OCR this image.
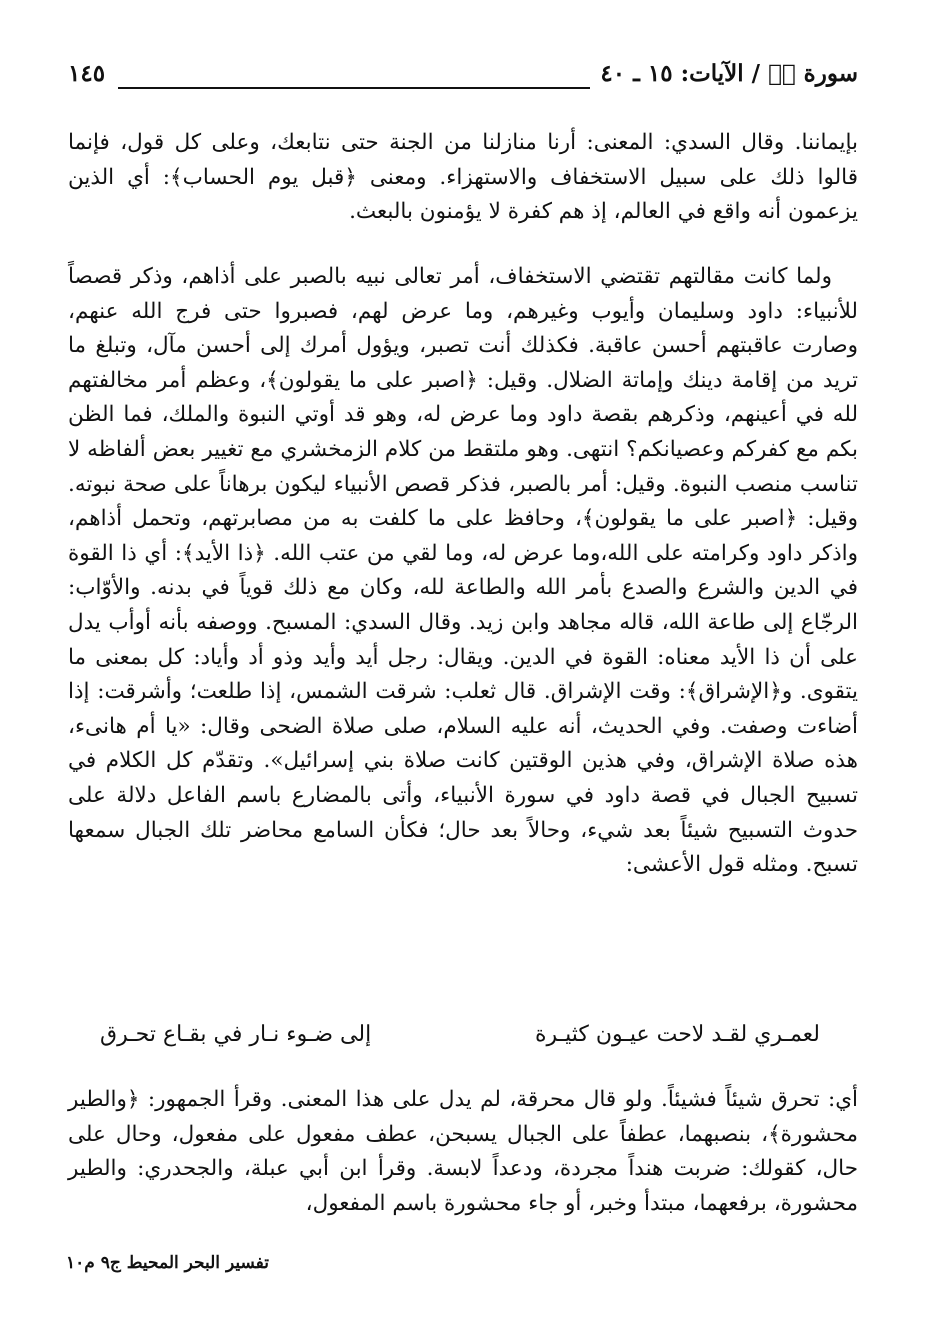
سورة صۤ / الآيات: ١٥ ـ ٤٠
١٤٥

بإيماننا. وقال السدي: المعنى: أرنا منازلنا من الجنة حتى نتابعك، وعلى كل قول، فإنما قالوا ذلك على سبيل الاستخفاف والاستهزاء. ومعنى ﴿قبل يوم الحساب﴾: أي الذين يزعمون أنه واقع في العالم، إذ هم كفرة لا يؤمنون بالبعث.

ولما كانت مقالتهم تقتضي الاستخفاف، أمر تعالى نبيه بالصبر على أذاهم، وذكر قصصاً للأنبياء: داود وسليمان وأيوب وغيرهم، وما عرض لهم، فصبروا حتى فرج الله عنهم، وصارت عاقبتهم أحسن عاقبة. فكذلك أنت تصبر، ويؤول أمرك إلى أحسن مآل، وتبلغ ما تريد من إقامة دينك وإماتة الضلال. وقيل: ﴿اصبر على ما يقولون﴾، وعظم أمر مخالفتهم لله في أعينهم، وذكرهم بقصة داود وما عرض له، وهو قد أوتي النبوة والملك، فما الظن بكم مع كفركم وعصيانكم؟ انتهى. وهو ملتقط من كلام الزمخشري مع تغيير بعض ألفاظه لا تناسب منصب النبوة. وقيل: أمر بالصبر، فذكر قصص الأنبياء ليكون برهاناً على صحة نبوته. وقيل: ﴿اصبر على ما يقولون﴾، وحافظ على ما كلفت به من مصابرتهم، وتحمل أذاهم، واذكر داود وكرامته على الله،وما عرض له، وما لقي من عتب الله. ﴿ذا الأيد﴾: أي ذا القوة في الدين والشرع والصدع بأمر الله والطاعة لله، وكان مع ذلك قوياً في بدنه. والأوّاب: الرجّاع إلى طاعة الله، قاله مجاهد وابن زيد. وقال السدي: المسبح. ووصفه بأنه أوأب يدل على أن ذا الأيد معناه: القوة في الدين. ويقال: رجل أيد وأيد وذو أد وأياد: كل بمعنى ما يتقوى. و﴿الإشراق﴾: وقت الإشراق. قال ثعلب: شرقت الشمس، إذا طلعت؛ وأشرقت: إذا أضاءت وصفت. وفي الحديث، أنه عليه السلام، صلى صلاة الضحى وقال: «يا أم هانىء، هذه صلاة الإشراق، وفي هذين الوقتين كانت صلاة بني إسرائيل». وتقدّم كل الكلام في تسبيح الجبال في قصة داود في سورة الأنبياء، وأتى بالمضارع باسم الفاعل دلالة على حدوث التسبيح شيئاً بعد شيء، وحالاً بعد حال؛ فكأن السامع محاضر تلك الجبال سمعها تسبح. ومثله قول الأعشى:

لعمـري لقـد لاحت عيـون كثيـرة
إلى ضـوء نـار في بقـاع تحـرق

أي: تحرق شيئاً فشيئاً. ولو قال محرقة، لم يدل على هذا المعنى. وقرأ الجمهور: ﴿والطير محشورة﴾، بنصبهما، عطفاً على الجبال يسبحن، عطف مفعول على مفعول، وحال على حال، كقولك: ضربت هنداً مجردة، ودعداً لابسة. وقرأ ابن أبي عبلة، والجحدري: والطير محشورة، برفعهما، مبتدأ وخبر، أو جاء محشورة باسم المفعول،

تفسير البحر المحيط ج٩ م١٠
